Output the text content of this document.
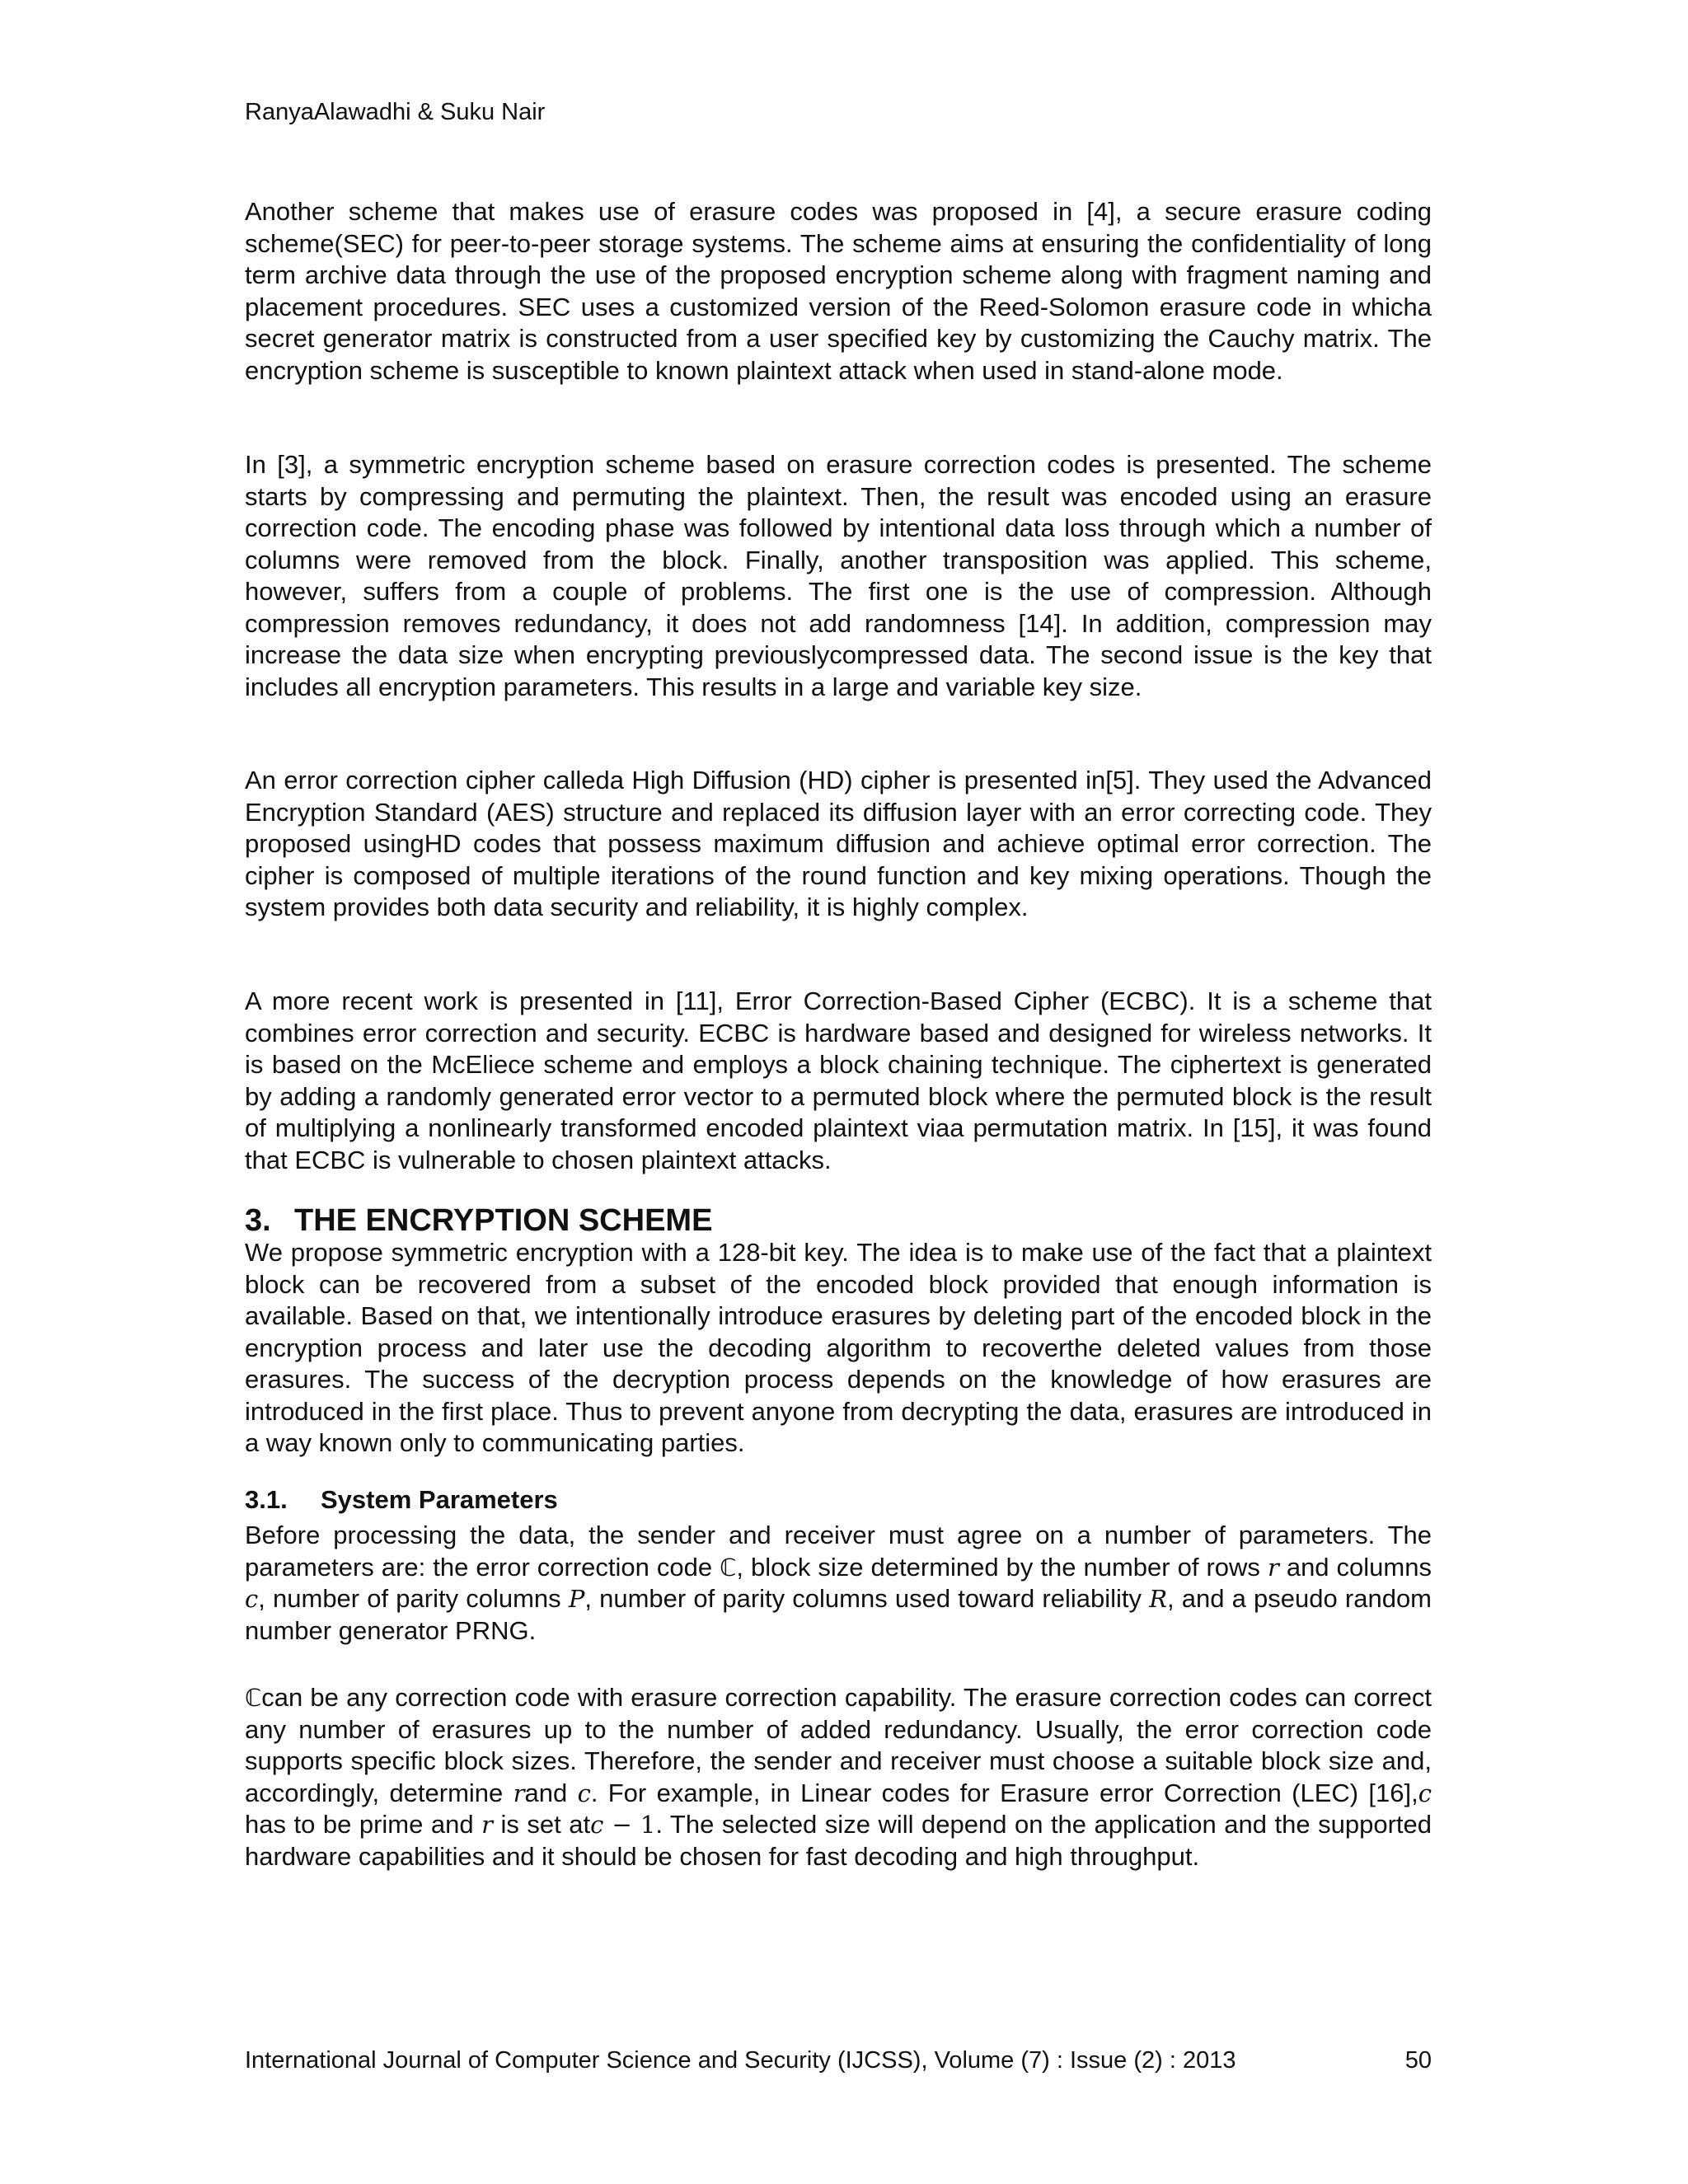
RanyaAlawadhi & Suku Nair

Another scheme that makes use of erasure codes was proposed in [4], a secure erasure coding scheme(SEC) for peer-to-peer storage systems. The scheme aims at ensuring the confidentiality of long term archive data through the use of the proposed encryption scheme along with fragment naming and placement procedures. SEC uses a customized version of the Reed-Solomon erasure code in whicha secret generator matrix is constructed from a user specified key by customizing the Cauchy matrix. The encryption scheme is susceptible to known plaintext attack when used in stand-alone mode.

In [3], a symmetric encryption scheme based on erasure correction codes is presented. The scheme starts by compressing and permuting the plaintext. Then, the result was encoded using an erasure correction code. The encoding phase was followed by intentional data loss through which a number of columns were removed from the block. Finally, another transposition was applied. This scheme, however, suffers from a couple of problems. The first one is the use of compression. Although compression removes redundancy, it does not add randomness [14]. In addition, compression may increase the data size when encrypting previouslycompressed data. The second issue is the key that includes all encryption parameters. This results in a large and variable key size.

An error correction cipher calleda High Diffusion (HD) cipher is presented in[5]. They used the Advanced Encryption Standard (AES) structure and replaced its diffusion layer with an error correcting code. They proposed usingHD codes that possess maximum diffusion and achieve optimal error correction. The cipher is composed of multiple iterations of the round function and key mixing operations. Though the system provides both data security and reliability, it is highly complex.

A more recent work is presented in [11], Error Correction-Based Cipher (ECBC). It is a scheme that combines error correction and security. ECBC is hardware based and designed for wireless networks. It is based on the McEliece scheme and employs a block chaining technique. The ciphertext is generated by adding a randomly generated error vector to a permuted block where the permuted block is the result of multiplying a nonlinearly transformed encoded plaintext viaa permutation matrix. In [15], it was found that ECBC is vulnerable to chosen plaintext attacks.

3. THE ENCRYPTION SCHEME

We propose symmetric encryption with a 128-bit key. The idea is to make use of the fact that a plaintext block can be recovered from a subset of the encoded block provided that enough information is available. Based on that, we intentionally introduce erasures by deleting part of the encoded block in the encryption process and later use the decoding algorithm to recoverthe deleted values from those erasures. The success of the decryption process depends on the knowledge of how erasures are introduced in the first place. Thus to prevent anyone from decrypting the data, erasures are introduced in a way known only to communicating parties.

3.1. System Parameters

Before processing the data, the sender and receiver must agree on a number of parameters. The parameters are: the error correction code ℂ, block size determined by the number of rows r and columns c, number of parity columns P, number of parity columns used toward reliability R, and a pseudo random number generator PRNG.

ℂcan be any correction code with erasure correction capability. The erasure correction codes can correct any number of erasures up to the number of added redundancy. Usually, the error correction code supports specific block sizes. Therefore, the sender and receiver must choose a suitable block size and, accordingly, determine rand c. For example, in Linear codes for Erasure error Correction (LEC) [16],c has to be prime and r is set atc − 1. The selected size will depend on the application and the supported hardware capabilities and it should be chosen for fast decoding and high throughput.

International Journal of Computer Science and Security (IJCSS), Volume (7) : Issue (2) : 2013	50
